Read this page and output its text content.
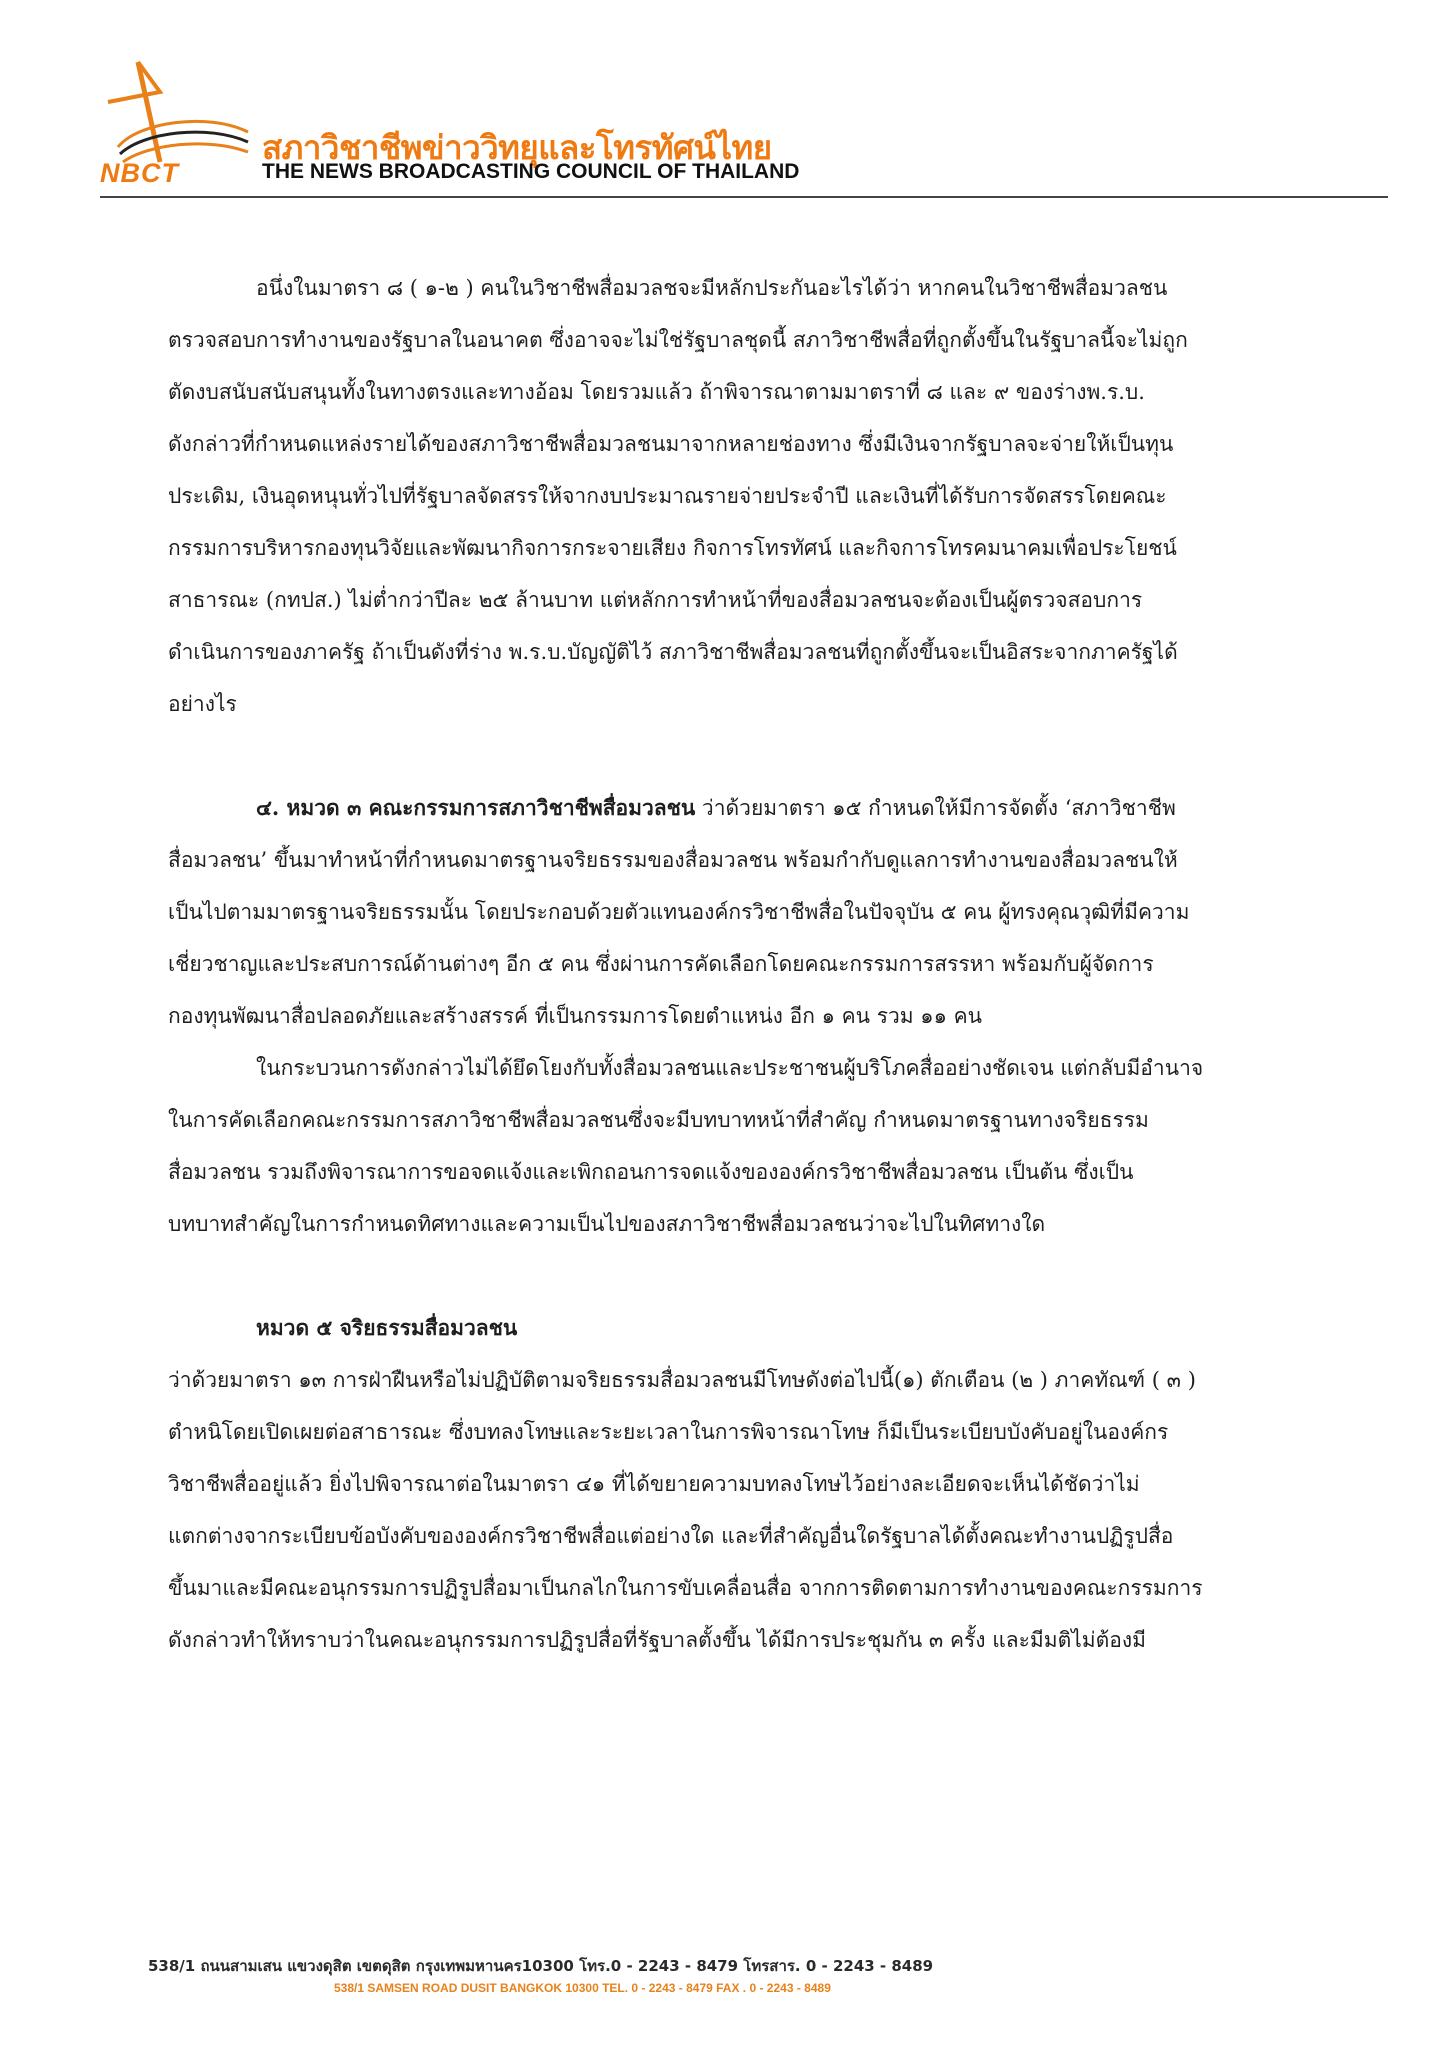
NBCT
สภาวิชาชีพข่าววิทยุและโทรทัศน์ไทย
THE NEWS BROADCASTING COUNCIL OF THAILAND
อนึ่งในมาตรา ๘ ( ๑-๒ ) คนในวิชาชีพสื่อมวลชจะมีหลักประกันอะไรได้ว่า หากคนในวิชาชีพสื่อมวลชน
ตรวจสอบการทำงานของรัฐบาลในอนาคต ซึ่งอาจจะไม่ใช่รัฐบาลชุดนี้ สภาวิชาชีพสื่อที่ถูกตั้งขึ้นในรัฐบาลนี้จะไม่ถูก
ตัดงบสนับสนับสนุนทั้งในทางตรงและทางอ้อม โดยรวมแล้ว ถ้าพิจารณาตามมาตราที่ ๘ และ ๙ ของร่างพ.ร.บ.
ดังกล่าวที่กำหนดแหล่งรายได้ของสภาวิชาชีพสื่อมวลชนมาจากหลายช่องทาง ซึ่งมีเงินจากรัฐบาลจะจ่ายให้เป็นทุน
ประเดิม, เงินอุดหนุนทั่วไปที่รัฐบาลจัดสรรให้จากงบประมาณรายจ่ายประจำปี และเงินที่ได้รับการจัดสรรโดยคณะ
กรรมการบริหารกองทุนวิจัยและพัฒนากิจการกระจายเสียง กิจการโทรทัศน์ และกิจการโทรคมนาคมเพื่อประโยชน์
สาธารณะ (กทปส.) ไม่ต่ำกว่าปีละ ๒๕ ล้านบาท แต่หลักการทำหน้าที่ของสื่อมวลชนจะต้องเป็นผู้ตรวจสอบการ
ดำเนินการของภาครัฐ ถ้าเป็นดังที่ร่าง พ.ร.บ.บัญญัติไว้ สภาวิชาชีพสื่อมวลชนที่ถูกตั้งขึ้นจะเป็นอิสระจากภาครัฐได้
อย่างไร
๔. หมวด ๓ คณะกรรมการสภาวิชาชีพสื่อมวลชน ว่าด้วยมาตรา ๑๕ กำหนดให้มีการจัดตั้ง ‘สภาวิชาชีพ
สื่อมวลชน’ ขึ้นมาทำหน้าที่กำหนดมาตรฐานจริยธรรมของสื่อมวลชน พร้อมกำกับดูแลการทำงานของสื่อมวลชนให้
เป็นไปตามมาตรฐานจริยธรรมนั้น โดยประกอบด้วยตัวแทนองค์กรวิชาชีพสื่อในปัจจุบัน ๕ คน ผู้ทรงคุณวุฒิที่มีความ
เชี่ยวชาญและประสบการณ์ด้านต่างๆ อีก ๕ คน ซึ่งผ่านการคัดเลือกโดยคณะกรรมการสรรหา พร้อมกับผู้จัดการ
กองทุนพัฒนาสื่อปลอดภัยและสร้างสรรค์ ที่เป็นกรรมการโดยตำแหน่ง อีก ๑ คน รวม ๑๑ คน
ในกระบวนการดังกล่าวไม่ได้ยึดโยงกับทั้งสื่อมวลชนและประชาชนผู้บริโภคสื่ออย่างชัดเจน แต่กลับมีอำนาจ
ในการคัดเลือกคณะกรรมการสภาวิชาชีพสื่อมวลชนซึ่งจะมีบทบาทหน้าที่สำคัญ กำหนดมาตรฐานทางจริยธรรม
สื่อมวลชน รวมถึงพิจารณาการขอจดแจ้งและเพิกถอนการจดแจ้งขององค์กรวิชาชีพสื่อมวลชน เป็นต้น ซึ่งเป็น
บทบาทสำคัญในการกำหนดทิศทางและความเป็นไปของสภาวิชาชีพสื่อมวลชนว่าจะไปในทิศทางใด
หมวด ๕ จริยธรรมสื่อมวลชน
ว่าด้วยมาตรา ๑๓ การฝ่าฝืนหรือไม่ปฏิบัติตามจริยธรรมสื่อมวลชนมีโทษดังต่อไปนี้(๑) ตักเตือน (๒ ) ภาคทัณฑ์ ( ๓ )
ตำหนิโดยเปิดเผยต่อสาธารณะ ซึ่งบทลงโทษและระยะเวลาในการพิจารณาโทษ ก็มีเป็นระเบียบบังคับอยู่ในองค์กร
วิชาชีพสื่ออยู่แล้ว ยิ่งไปพิจารณาต่อในมาตรา ๔๑ ที่ได้ขยายความบทลงโทษไว้อย่างละเอียดจะเห็นได้ชัดว่าไม่
แตกต่างจากระเบียบข้อบังคับขององค์กรวิชาชีพสื่อแต่อย่างใด และที่สำคัญอื่นใดรัฐบาลได้ตั้งคณะทำงานปฏิรูปสื่อ
ขึ้นมาและมีคณะอนุกรรมการปฏิรูปสื่อมาเป็นกลไกในการขับเคลื่อนสื่อ จากการติดตามการทำงานของคณะกรรมการ
ดังกล่าวทำให้ทราบว่าในคณะอนุกรรมการปฏิรูปสื่อที่รัฐบาลตั้งขึ้น ได้มีการประชุมกัน ๓ ครั้ง และมีมติไม่ต้องมี
538/1 ถนนสามเสน แขวงดุสิต เขตดุสิต กรุงเทพมหานคร10300 โทร.0 - 2243 - 8479 โทรสาร. 0 - 2243 - 8489
538/1 SAMSEN ROAD DUSIT BANGKOK 10300 TEL. 0 - 2243 - 8479 FAX . 0 - 2243 - 8489
